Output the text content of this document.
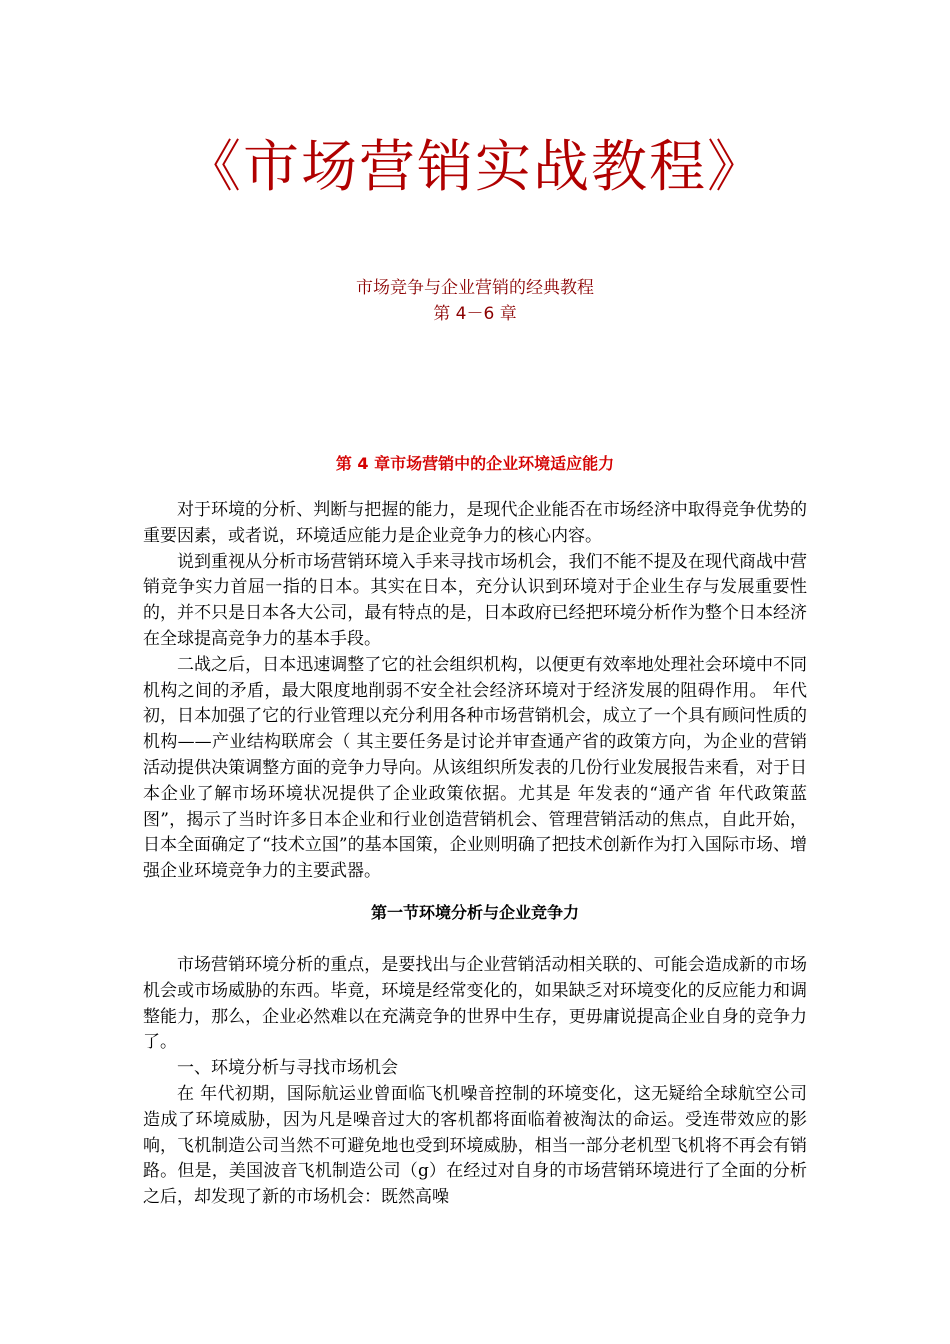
《市场营销实战教程》
市场竞争与企业营销的经典教程
第 4－6 章
第 4 章市场营销中的企业环境适应能力

对于环境的分析、判断与把握的能力，是现代企业能否在市场经济中取得竞争优势的重要因素，或者说，环境适应能力是企业竞争力的核心内容。

说到重视从分析市场营销环境入手来寻找市场机会，我们不能不提及在现代商战中营销竞争实力首屈一指的日本。其实在日本，充分认识到环境对于企业生存与发展重要性的，并不只是日本各大公司，最有特点的是，日本政府已经把环境分析作为整个日本经济在全球提高竞争力的基本手段。

二战之后，日本迅速调整了它的社会组织机构，以便更有效率地处理社会环境中不同机构之间的矛盾，最大限度地削弱不安全社会经济环境对于经济发展的阻碍作用。 年代初，日本加强了它的行业管理以充分利用各种市场营销机会，成立了一个具有顾问性质的机构——产业结构联席会（ 其主要任务是讨论并审查通产省的政策方向，为企业的营销活动提供决策调整方面的竞争力导向。从该组织所发表的几份行业发展报告来看，对于日本企业了解市场环境状况提供了企业政策依据。尤其是 年发表的“通产省 年代政策蓝图”，揭示了当时许多日本企业和行业创造营销机会、管理营销活动的焦点，自此开始，日本全面确定了“技术立国”的基本国策，企业则明确了把技术创新作为打入国际市场、增强企业环境竞争力的主要武器。

第一节环境分析与企业竞争力

市场营销环境分析的重点，是要找出与企业营销活动相关联的、可能会造成新的市场机会或市场威胁的东西。毕竟，环境是经常变化的，如果缺乏对环境变化的反应能力和调整能力，那么，企业必然难以在充满竞争的世界中生存，更毋庸说提高企业自身的竞争力了。

一、环境分析与寻找市场机会

在 年代初期，国际航运业曾面临飞机噪音控制的环境变化，这无疑给全球航空公司造成了环境威胁，因为凡是噪音过大的客机都将面临着被淘汰的命运。受连带效应的影响，飞机制造公司当然不可避免地也受到环境威胁，相当一部分老机型飞机将不再会有销路。但是，美国波音飞机制造公司（g）在经过对自身的市场营销环境进行了全面的分析之后，却发现了新的市场机会：既然高噪
